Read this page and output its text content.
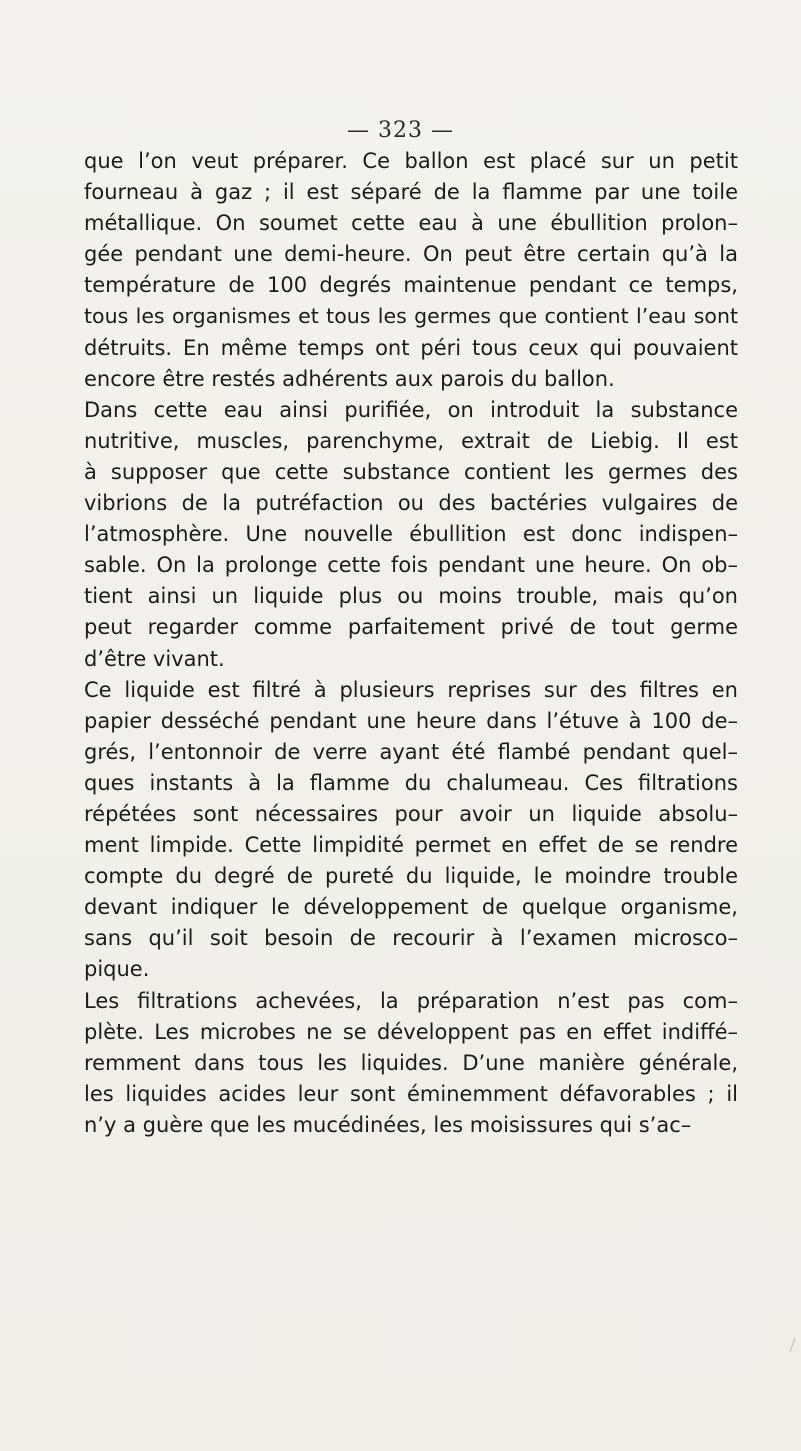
— 323 —
que l’on veut préparer. Ce ballon est placé sur un petit
fourneau à gaz ; il est séparé de la flamme par une toile
métallique. On soumet cette eau à une ébullition prolon–
gée pendant une demi-heure. On peut être certain qu’à la
température de 100 degrés maintenue pendant ce temps,
tous les organismes et tous les germes que contient l’eau sont
détruits. En même temps ont péri tous ceux qui pouvaient
encore être restés adhérents aux parois du ballon.
Dans cette eau ainsi purifiée, on introduit la substance
nutritive, muscles, parenchyme, extrait de Liebig. Il est
à supposer que cette substance contient les germes des
vibrions de la putréfaction ou des bactéries vulgaires de
l’atmosphère. Une nouvelle ébullition est donc indispen–
sable. On la prolonge cette fois pendant une heure. On ob–
tient ainsi un liquide plus ou moins trouble, mais qu’on
peut regarder comme parfaitement privé de tout germe
d’être vivant.
Ce liquide est filtré à plusieurs reprises sur des filtres en
papier desséché pendant une heure dans l’étuve à 100 de–
grés, l’entonnoir de verre ayant été flambé pendant quel–
ques instants à la flamme du chalumeau. Ces filtrations
répétées sont nécessaires pour avoir un liquide absolu–
ment limpide. Cette limpidité permet en effet de se rendre
compte du degré de pureté du liquide, le moindre trouble
devant indiquer le développement de quelque organisme,
sans qu’il soit besoin de recourir à l’examen microsco–
pique.
Les filtrations achevées, la préparation n’est pas com–
plète. Les microbes ne se développent pas en effet indiffé–
remment dans tous les liquides. D’une manière générale,
les liquides acides leur sont éminemment défavorables ; il
n’y a guère que les mucédinées, les moisissures qui s’ac–
